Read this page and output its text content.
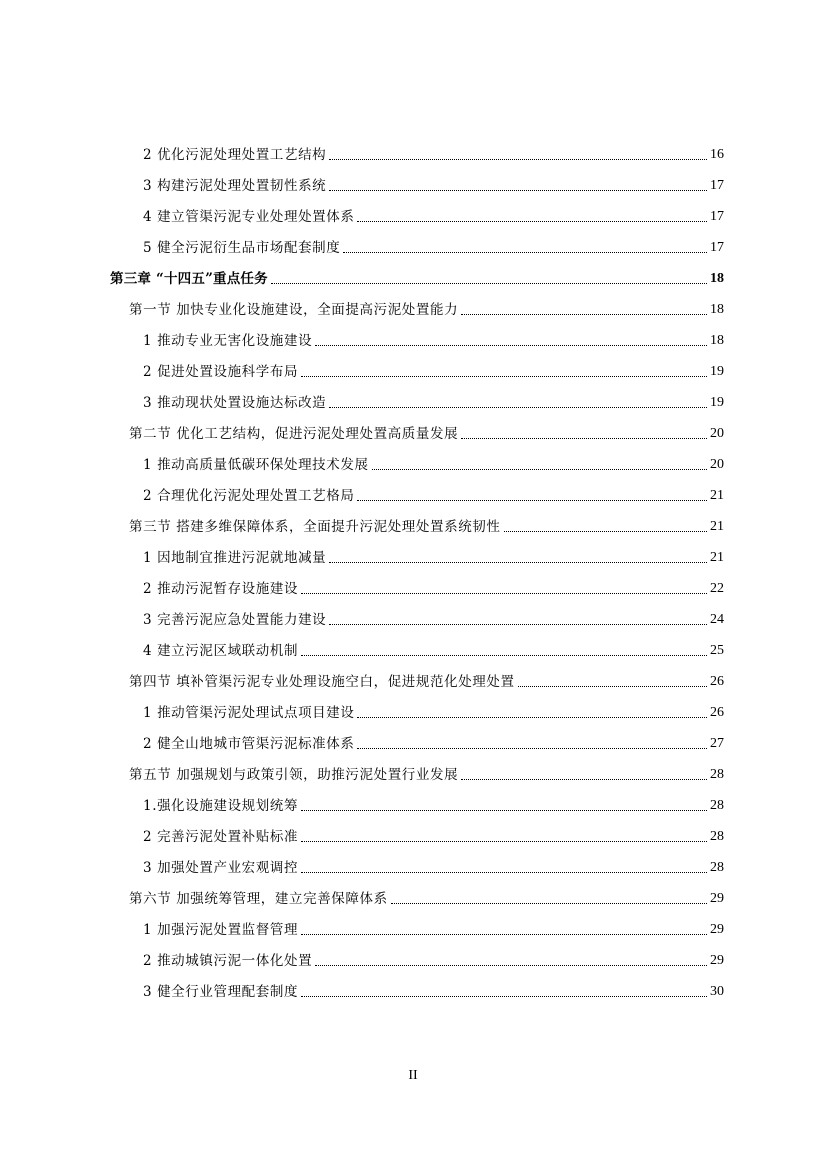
2 优化污泥处理处置工艺结构	16
3 构建污泥处理处置韧性系统	17
4 建立管渠污泥专业处理处置体系	17
5 健全污泥衍生品市场配套制度	17
第三章 “十四五”重点任务	18
第一节 加快专业化设施建设，全面提高污泥处置能力	18
1 推动专业无害化设施建设	18
2 促进处置设施科学布局	19
3 推动现状处置设施达标改造	19
第二节 优化工艺结构，促进污泥处理处置高质量发展	20
1 推动高质量低碳环保处理技术发展	20
2 合理优化污泥处理处置工艺格局	21
第三节 搭建多维保障体系，全面提升污泥处理处置系统韧性	21
1 因地制宜推进污泥就地减量	21
2 推动污泥暂存设施建设	22
3 完善污泥应急处置能力建设	24
4 建立污泥区域联动机制	25
第四节 填补管渠污泥专业处理设施空白，促进规范化处理处置	26
1 推动管渠污泥处理试点项目建设	26
2 健全山地城市管渠污泥标准体系	27
第五节 加强规划与政策引领，助推污泥处置行业发展	28
1.强化设施建设规划统筹	28
2 完善污泥处置补贴标准	28
3 加强处置产业宏观调控	28
第六节 加强统筹管理，建立完善保障体系	29
1 加强污泥处置监督管理	29
2 推动城镇污泥一体化处置	29
3 健全行业管理配套制度	30
II
